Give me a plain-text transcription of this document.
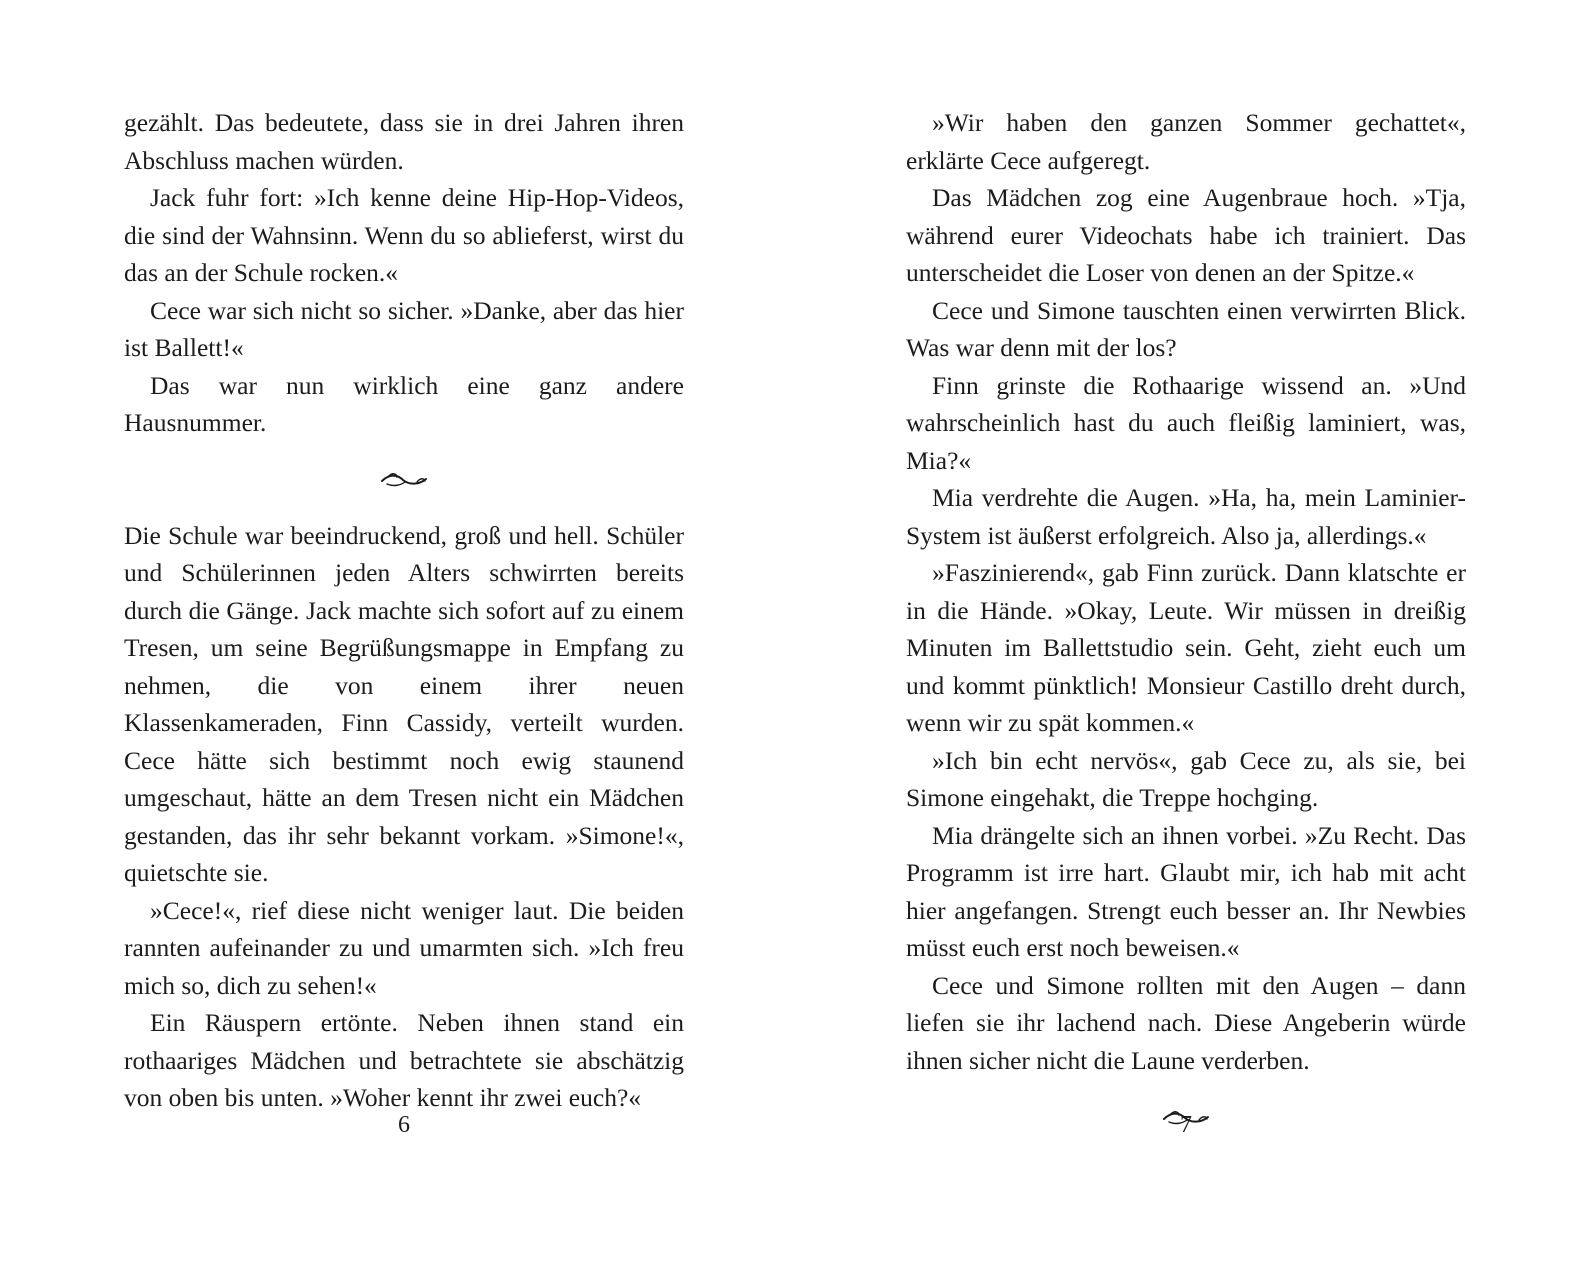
gezählt. Das bedeutete, dass sie in drei Jahren ihren Abschluss machen würden.

Jack fuhr fort: »Ich kenne deine Hip-Hop-Videos, die sind der Wahnsinn. Wenn du so ablieferst, wirst du das an der Schule rocken.«

Cece war sich nicht so sicher. »Danke, aber das hier ist Ballett!«

Das war nun wirklich eine ganz andere Hausnummer.

Die Schule war beeindruckend, groß und hell. Schüler und Schülerinnen jeden Alters schwirrten bereits durch die Gänge. Jack machte sich sofort auf zu einem Tresen, um seine Begrüßungsmappe in Empfang zu nehmen, die von einem ihrer neuen Klassenkameraden, Finn Cassidy, verteilt wurden. Cece hätte sich bestimmt noch ewig staunend umgeschaut, hätte an dem Tresen nicht ein Mädchen gestanden, das ihr sehr bekannt vorkam. »Simone!«, quietschte sie.

»Cece!«, rief diese nicht weniger laut. Die beiden rannten aufeinander zu und umarmten sich. »Ich freu mich so, dich zu sehen!«

Ein Räuspern ertönte. Neben ihnen stand ein rothaariges Mädchen und betrachtete sie abschätzig von oben bis unten. »Woher kennt ihr zwei euch?«

6

»Wir haben den ganzen Sommer gechattet«, erklärte Cece aufgeregt.

Das Mädchen zog eine Augenbraue hoch. »Tja, während eurer Videochats habe ich trainiert. Das unterscheidet die Loser von denen an der Spitze.«

Cece und Simone tauschten einen verwirrten Blick. Was war denn mit der los?

Finn grinste die Rothaarige wissend an. »Und wahrscheinlich hast du auch fleißig laminiert, was, Mia?«

Mia verdrehte die Augen. »Ha, ha, mein Laminier-System ist äußerst erfolgreich. Also ja, allerdings.«

»Faszinierend«, gab Finn zurück. Dann klatschte er in die Hände. »Okay, Leute. Wir müssen in dreißig Minuten im Ballettstudio sein. Geht, zieht euch um und kommt pünktlich! Monsieur Castillo dreht durch, wenn wir zu spät kommen.«

»Ich bin echt nervös«, gab Cece zu, als sie, bei Simone eingehakt, die Treppe hochging.

Mia drängelte sich an ihnen vorbei. »Zu Recht. Das Programm ist irre hart. Glaubt mir, ich hab mit acht hier angefangen. Strengt euch besser an. Ihr Newbies müsst euch erst noch beweisen.«

Cece und Simone rollten mit den Augen – dann liefen sie ihr lachend nach. Diese Angeberin würde ihnen sicher nicht die Laune verderben.

7
